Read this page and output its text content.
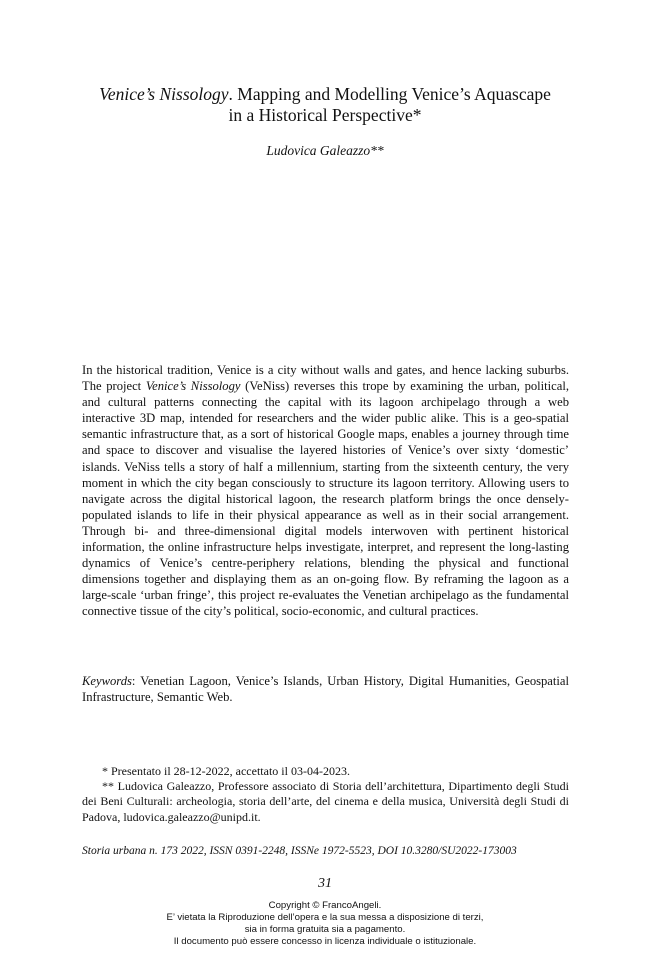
Venice’s Nissology. Mapping and Modelling Venice’s Aquascape
in a Historical Perspective*
Ludovica Galeazzo**

In the historical tradition, Venice is a city without walls and gates, and hence lacking suburbs. The project Venice’s Nissology (VeNiss) reverses this trope by examining the urban, political, and cultural patterns connecting the capital with its lagoon archipelago through a web interactive 3D map, intended for researchers and the wider public alike. This is a geo-spatial semantic infrastructure that, as a sort of historical Google maps, enables a journey through time and space to discover and visualise the layered histories of Venice’s over sixty ‘domestic’ islands. VeNiss tells a story of half a millennium, starting from the sixteenth century, the very moment in which the city began consciously to structure its lagoon territory. Allowing users to navigate across the digital historical lagoon, the research platform brings the once densely-populated islands to life in their physical appearance as well as in their social arrangement. Through bi- and three-dimensional digital models interwoven with pertinent historical information, the online infrastructure helps investigate, interpret, and represent the long-lasting dynamics of Venice’s centre-periphery relations, blending the physical and functional dimensions together and displaying them as an on-going flow. By reframing the lagoon as a large-scale ‘urban fringe’, this project re-evaluates the Venetian archipelago as the fundamental connective tissue of the city’s political, socio-economic, and cultural practices.

Keywords: Venetian Lagoon, Venice’s Islands, Urban History, Digital Humanities, Geospatial Infrastructure, Semantic Web.

* Presentato il 28-12-2022, accettato il 03-04-2023.

** Ludovica Galeazzo, Professore associato di Storia dell’architettura, Dipartimento degli Studi dei Beni Culturali: archeologia, storia dell’arte, del cinema e della musica, Università degli Studi di Padova, ludovica.galeazzo@unipd.it.

Storia urbana n. 173 2022, ISSN 0391-2248, ISSNe 1972-5523, DOI 10.3280/SU2022-173003
31
Copyright © FrancoAngeli.
E’ vietata la Riproduzione dell’opera e la sua messa a disposizione di terzi,
sia in forma gratuita sia a pagamento.
Il documento può essere concesso in licenza individuale o istituzionale.
